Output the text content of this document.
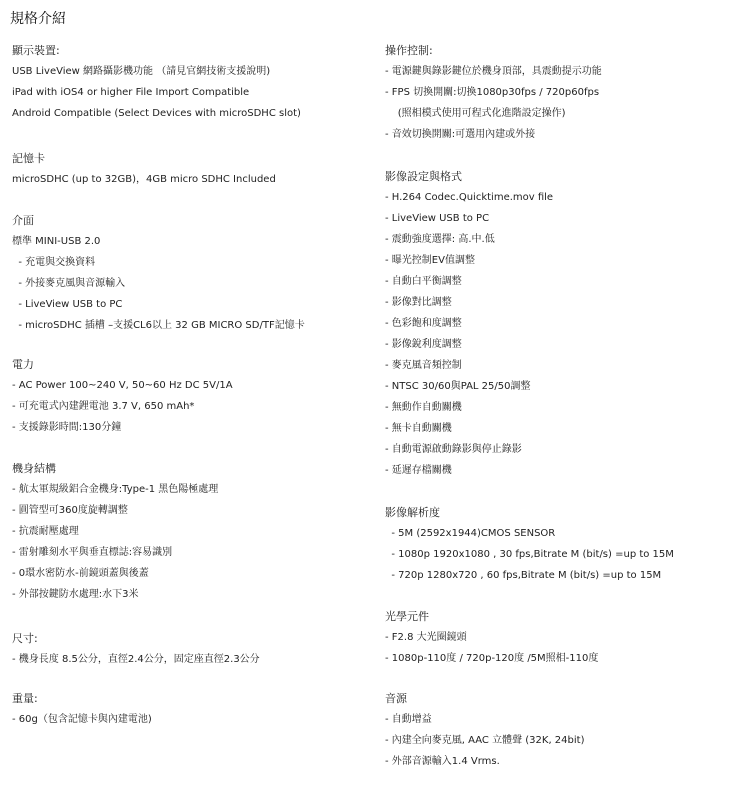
規格介紹
顯示裝置:
USB LiveView 網路攝影機功能 （請見官網技術支援說明)
iPad with iOS4 or higher File Import Compatible
Android Compatible (Select Devices with microSDHC slot)
記憶卡
microSDHC (up to 32GB)，4GB micro SDHC Included
介面
標準 MINI-USB 2.0
- 充電與交換資料
- 外接麥克風與音源輸入
- LiveView USB to PC
- microSDHC 插槽 –支援CL6以上 32 GB MICRO SD/TF記憶卡
電力
- AC Power 100~240 V, 50~60 Hz DC 5V/1A
- 可充電式內建鋰電池 3.7 V, 650 mAh*
- 支援錄影時間:130分鐘
機身結構
- 航太軍規級鋁合金機身:Type-1 黑色陽極處理
- 圓管型可360度旋轉調整
- 抗震耐壓處理
- 雷射雕刻水平與垂直標誌:容易識別
- 0環水密防水-前鏡頭蓋與後蓋
- 外部按鍵防水處理:水下3米
尺寸:
- 機身長度 8.5公分，直徑2.4公分，固定座直徑2.3公分
重量:
- 60g（包含記憶卡與內建電池)
操作控制:
- 電源鍵與錄影鍵位於機身頂部，具震動提示功能
- FPS 切換開關:切換1080p30fps / 720p60fps
(照相模式使用可程式化進階設定操作)
- 音效切換開關:可選用內建或外接
影像設定與格式
- H.264 Codec.Quicktime.mov file
- LiveView USB to PC
- 震動強度選擇: 高.中.低
- 曝光控制EV值調整
- 自動白平衡調整
- 影像對比調整
- 色彩飽和度調整
- 影像銳利度調整
- 麥克風音頻控制
- NTSC 30/60與PAL 25/50調整
- 無動作自動關機
- 無卡自動關機
- 自動電源啟動錄影與停止錄影
- 延遲存檔關機
影像解析度
- 5M (2592x1944)CMOS SENSOR
- 1080p 1920x1080 , 30 fps,Bitrate M (bit/s) =up to 15M
- 720p 1280x720 , 60 fps,Bitrate M (bit/s) =up to 15M
光學元件
- F2.8 大光圈鏡頭
- 1080p-110度 / 720p-120度 /5M照相-110度
音源
- 自動增益
- 內建全向麥克風, AAC 立體聲 (32K, 24bit)
- 外部音源輸入1.4 Vrms.
